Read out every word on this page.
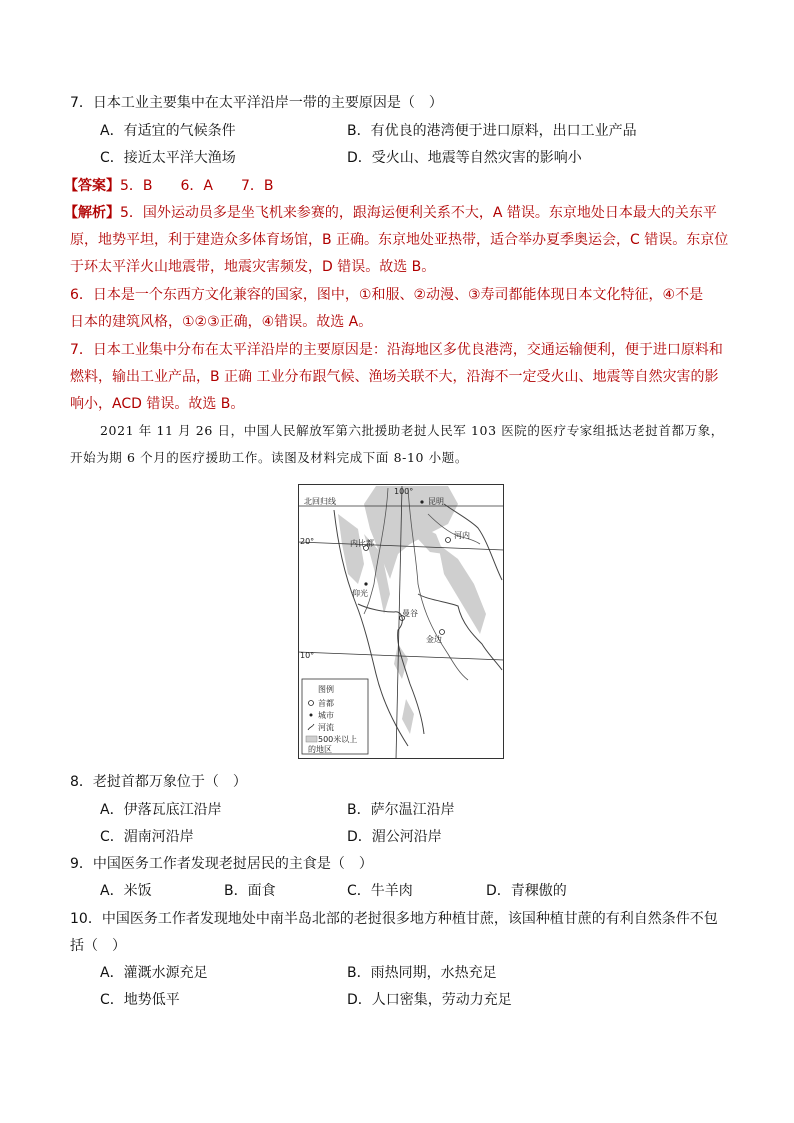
7．日本工业主要集中在太平洋沿岸一带的主要原因是（　）
A．有适宜的气候条件	B．有优良的港湾便于进口原料，出口工业产品
C．接近太平洋大渔场	D．受火山、地震等自然灾害的影响小
【答案】5．B　　6．A　　7．B
【解析】5．国外运动员多是坐飞机来参赛的，跟海运便利关系不大，A 错误。东京地处日本最大的关东平
原，地势平坦，利于建造众多体育场馆，B 正确。东京地处亚热带，适合举办夏季奥运会，C 错误。东京位
于环太平洋火山地震带，地震灾害频发，D 错误。故选 B。
6．日本是一个东西方文化兼容的国家，图中，①和服、②动漫、③寿司都能体现日本文化特征，④不是
日本的建筑风格，①②③正确，④错误。故选 A。
7．日本工业集中分布在太平洋沿岸的主要原因是：沿海地区多优良港湾，交通运输便利，便于进口原料和
燃料，输出工业产品，B 正确 工业分布跟气候、渔场关联不大，沿海不一定受火山、地震等自然灾害的影
响小，ACD 错误。故选 B。
2021 年 11 月 26 日，中国人民解放军第六批援助老挝人民军 103 医院的医疗专家组抵达老挝首都万象，
开始为期 6 个月的医疗援助工作。读图及材料完成下面 8-10 小题。
图例
首都
城市
河流
500米以上
的地区
北回归线
100°
昆明
河内
内比都
仰光
曼谷
金边
20°
10°
8．老挝首都万象位于（　）
A．伊落瓦底江沿岸	B．萨尔温江沿岸
C．湄南河沿岸	D．湄公河沿岸
9．中国医务工作者发现老挝居民的主食是（　）
A．米饭	B．面食	C．牛羊肉	D．青稞傲的
10．中国医务工作者发现地处中南半岛北部的老挝很多地方种植甘蔗，该国种植甘蔗的有利自然条件不包
括（　）
A．灌溉水源充足	B．雨热同期，水热充足
C．地势低平	D．人口密集，劳动力充足
